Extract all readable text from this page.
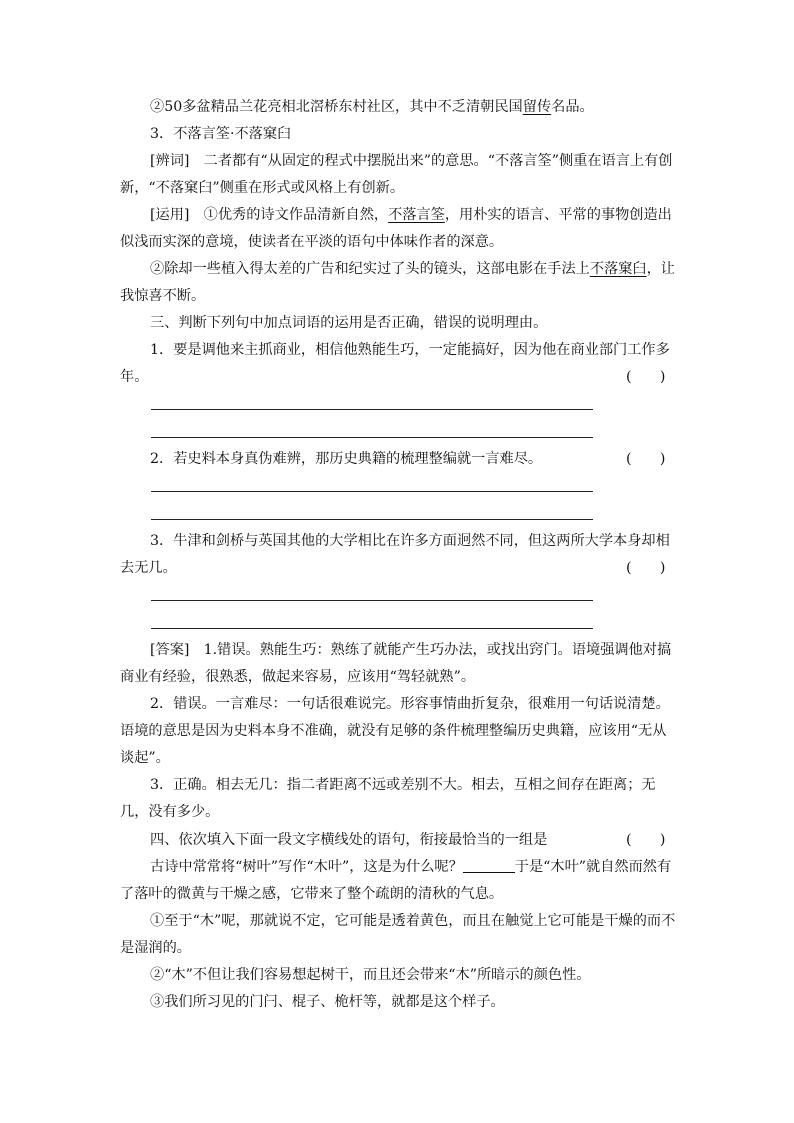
②50多盆精品兰花亮相北滘桥东村社区，其中不乏清朝民国留传名品。

3．不落言筌·不落窠臼

[辨词]　二者都有“从固定的程式中摆脱出来”的意思。“不落言筌”侧重在语言上有创新，“不落窠臼”侧重在形式或风格上有创新。

[运用]　①优秀的诗文作品清新自然，不落言筌，用朴实的语言、平常的事物创造出似浅而实深的意境，使读者在平淡的语句中体味作者的深意。

②除却一些植入得太差的广告和纪实过了头的镜头，这部电影在手法上不落窠臼，让我惊喜不断。

三、判断下列句中加点词语的运用是否正确，错误的说明理由。

1．要是调他来主抓商业，相信他熟能生巧，一定能搞好，因为他在商业部门工作多年。	(　　)

2．若史料本身真伪难辨，那历史典籍的梳理整编就一言难尽。	(　　)

3．牛津和剑桥与英国其他的大学相比在许多方面迥然不同，但这两所大学本身却相去无几。	(　　)

[答案]　1.错误。熟能生巧：熟练了就能产生巧办法，或找出窍门。语境强调他对搞商业有经验，很熟悉，做起来容易，应该用“驾轻就熟”。

2．错误。一言难尽：一句话很难说完。形容事情曲折复杂，很难用一句话说清楚。语境的意思是因为史料本身不准确，就没有足够的条件梳理整编历史典籍，应该用“无从谈起”。

3．正确。相去无几：指二者距离不远或差别不大。相去，互相之间存在距离；无几，没有多少。

四、依次填入下面一段文字横线处的语句，衔接最恰当的一组是	(　　)

古诗中常常将“树叶”写作“木叶”，这是为什么呢？	于是“木叶”就自然而然有了落叶的微黄与干燥之感，它带来了整个疏朗的清秋的气息。

①至于“木”呢，那就说不定，它可能是透着黄色，而且在触觉上它可能是干燥的而不是湿润的。

②“木”不但让我们容易想起树干，而且还会带来“木”所暗示的颜色性。

③我们所习见的门闩、棍子、桅杆等，就都是这个样子。
